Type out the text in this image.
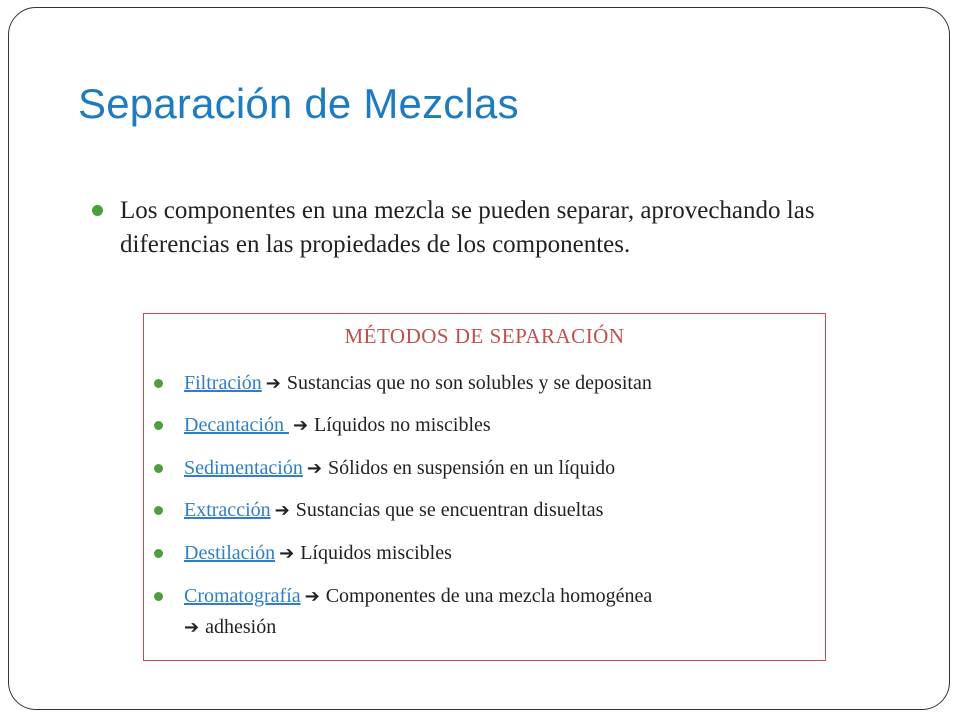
Separación de Mezclas
Los componentes en una mezcla se pueden separar, aprovechando las diferencias en las propiedades de los componentes.
MÉTODOS DE SEPARACIÓN
Filtración ➔ Sustancias que no son solubles y se depositan
Decantación ➔ Líquidos no miscibles
Sedimentación ➔ Sólidos en suspensión en un líquido
Extracción ➔ Sustancias que se encuentran disueltas
Destilación ➔ Líquidos miscibles
Cromatografía ➔ Componentes de una mezcla homogénea
➔ adhesión
